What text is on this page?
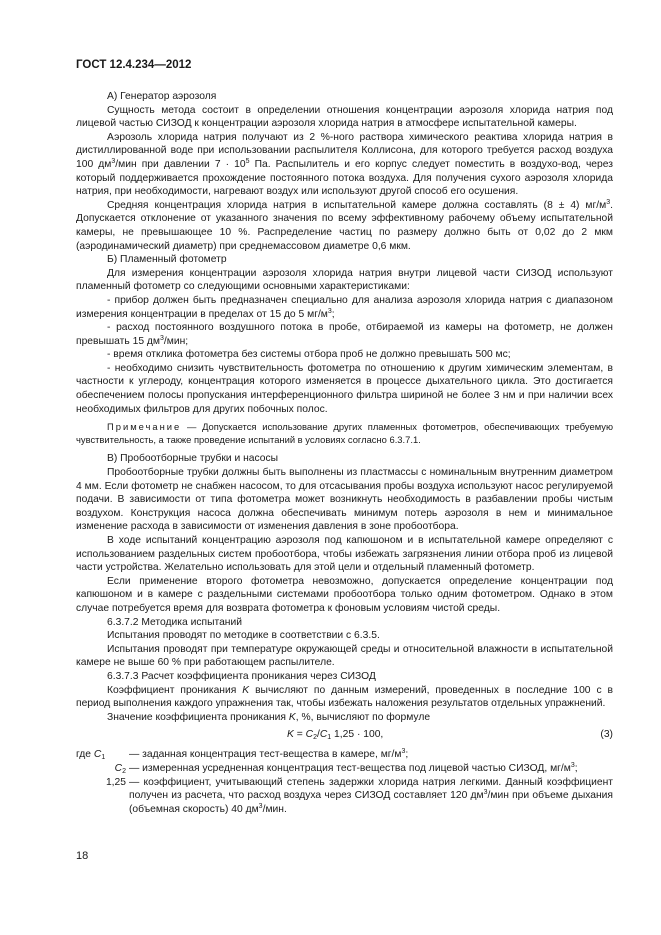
ГОСТ 12.4.234—2012

А) Генератор аэрозоля

Сущность метода состоит в определении отношения концентрации аэрозоля хлорида натрия под лицевой частью СИЗОД к концентрации аэрозоля хлорида натрия в атмосфере испытательной камеры.

Аэрозоль хлорида натрия получают из 2 %-ного раствора химического реактива хлорида натрия в дистиллированной воде при использовании распылителя Коллисона, для которого требуется расход воздуха 100 $дм^3$/мин при давлении $7 \cdot 10^5$ Па. Распылитель и его корпус следует поместить в воздухо-вод, через который поддерживается прохождение постоянного потока воздуха. Для получения сухого аэрозоля хлорида натрия, при необходимости, нагревают воздух или используют другой способ его осушения.

Средняя концентрация хлорида натрия в испытательной камере должна составлять (8 ± 4) $мг/м^3$. Допускается отклонение от указанного значения по всему эффективному рабочему объему испытательной камеры, не превышающее 10 %. Распределение частиц по размеру должно быть от 0,02 до 2 мкм (аэродинамический диаметр) при среднемассовом диаметре 0,6 мкм.

Б) Пламенный фотометр

Для измерения концентрации аэрозоля хлорида натрия внутри лицевой части СИЗОД используют пламенный фотометр со следующими основными характеристиками:

- прибор должен быть предназначен специально для анализа аэрозоля хлорида натрия с диапазоном измерения концентрации в пределах от 15 до 5 $мг/м^3$;

- расход постоянного воздушного потока в пробе, отбираемой из камеры на фотометр, не должен превышать 15 $дм^3$/мин;

- время отклика фотометра без системы отбора проб не должно превышать 500 мс;

- необходимо снизить чувствительность фотометра по отношению к другим химическим элементам, в частности к углероду, концентрация которого изменяется в процессе дыхательного цикла. Это достигается обеспечением полосы пропускания интерференционного фильтра шириной не более 3 нм и при наличии всех необходимых фильтров для других побочных полос.

Примечание — Допускается использование других пламенных фотометров, обеспечивающих требуемую чувствительность, а также проведение испытаний в условиях согласно 6.3.7.1.

В) Пробоотборные трубки и насосы

Пробоотборные трубки должны быть выполнены из пластмассы с номинальным внутренним диаметром 4 мм. Если фотометр не снабжен насосом, то для отсасывания пробы воздуха используют насос регулируемой подачи. В зависимости от типа фотометра может возникнуть необходимость в разбавлении пробы чистым воздухом. Конструкция насоса должна обеспечивать минимум потерь аэрозоля в нем и минимальное изменение расхода в зависимости от изменения давления в зоне пробоотбора.

В ходе испытаний концентрацию аэрозоля под капюшоном и в испытательной камере определяют с использованием раздельных систем пробоотбора, чтобы избежать загрязнения линии отбора проб из лицевой части устройства. Желательно использовать для этой цели и отдельный пламенный фотометр.

Если применение второго фотометра невозможно, допускается определение концентрации под капюшоном и в камере с раздельными системами пробоотбора только одним фотометром. Однако в этом случае потребуется время для возврата фотометра к фоновым условиям чистой среды.

6.3.7.2 Методика испытаний

Испытания проводят по методике в соответствии с 6.3.5.

Испытания проводят при температуре окружающей среды и относительной влажности в испытательной камере не выше 60 % при работающем распылителе.

6.3.7.3 Расчет коэффициента проникания через СИЗОД

Коэффициент проникания K вычисляют по данным измерений, проведенных в последние 100 с в период выполнения каждого упражнения так, чтобы избежать наложения результатов отдельных упражнений.

Значение коэффициента проникания K, %, вычисляют по формуле

$K = C_2/C_1$ 1,25 · 100,	(3)
где $C_1$	— заданная концентрация тест-вещества в камере, $мг/м^3$;
$C_2$ — измеренная усредненная концентрация тест-вещества под лицевой частью СИЗОД, $мг/м^3$;
1,25 — коэффициент, учитывающий степень задержки хлорида натрия легкими. Данный коэффициент получен из расчета, что расход воздуха через СИЗОД составляет 120 $дм^3$/мин при объеме дыхания (объемная скорость) 40 $дм^3$/мин.
18
